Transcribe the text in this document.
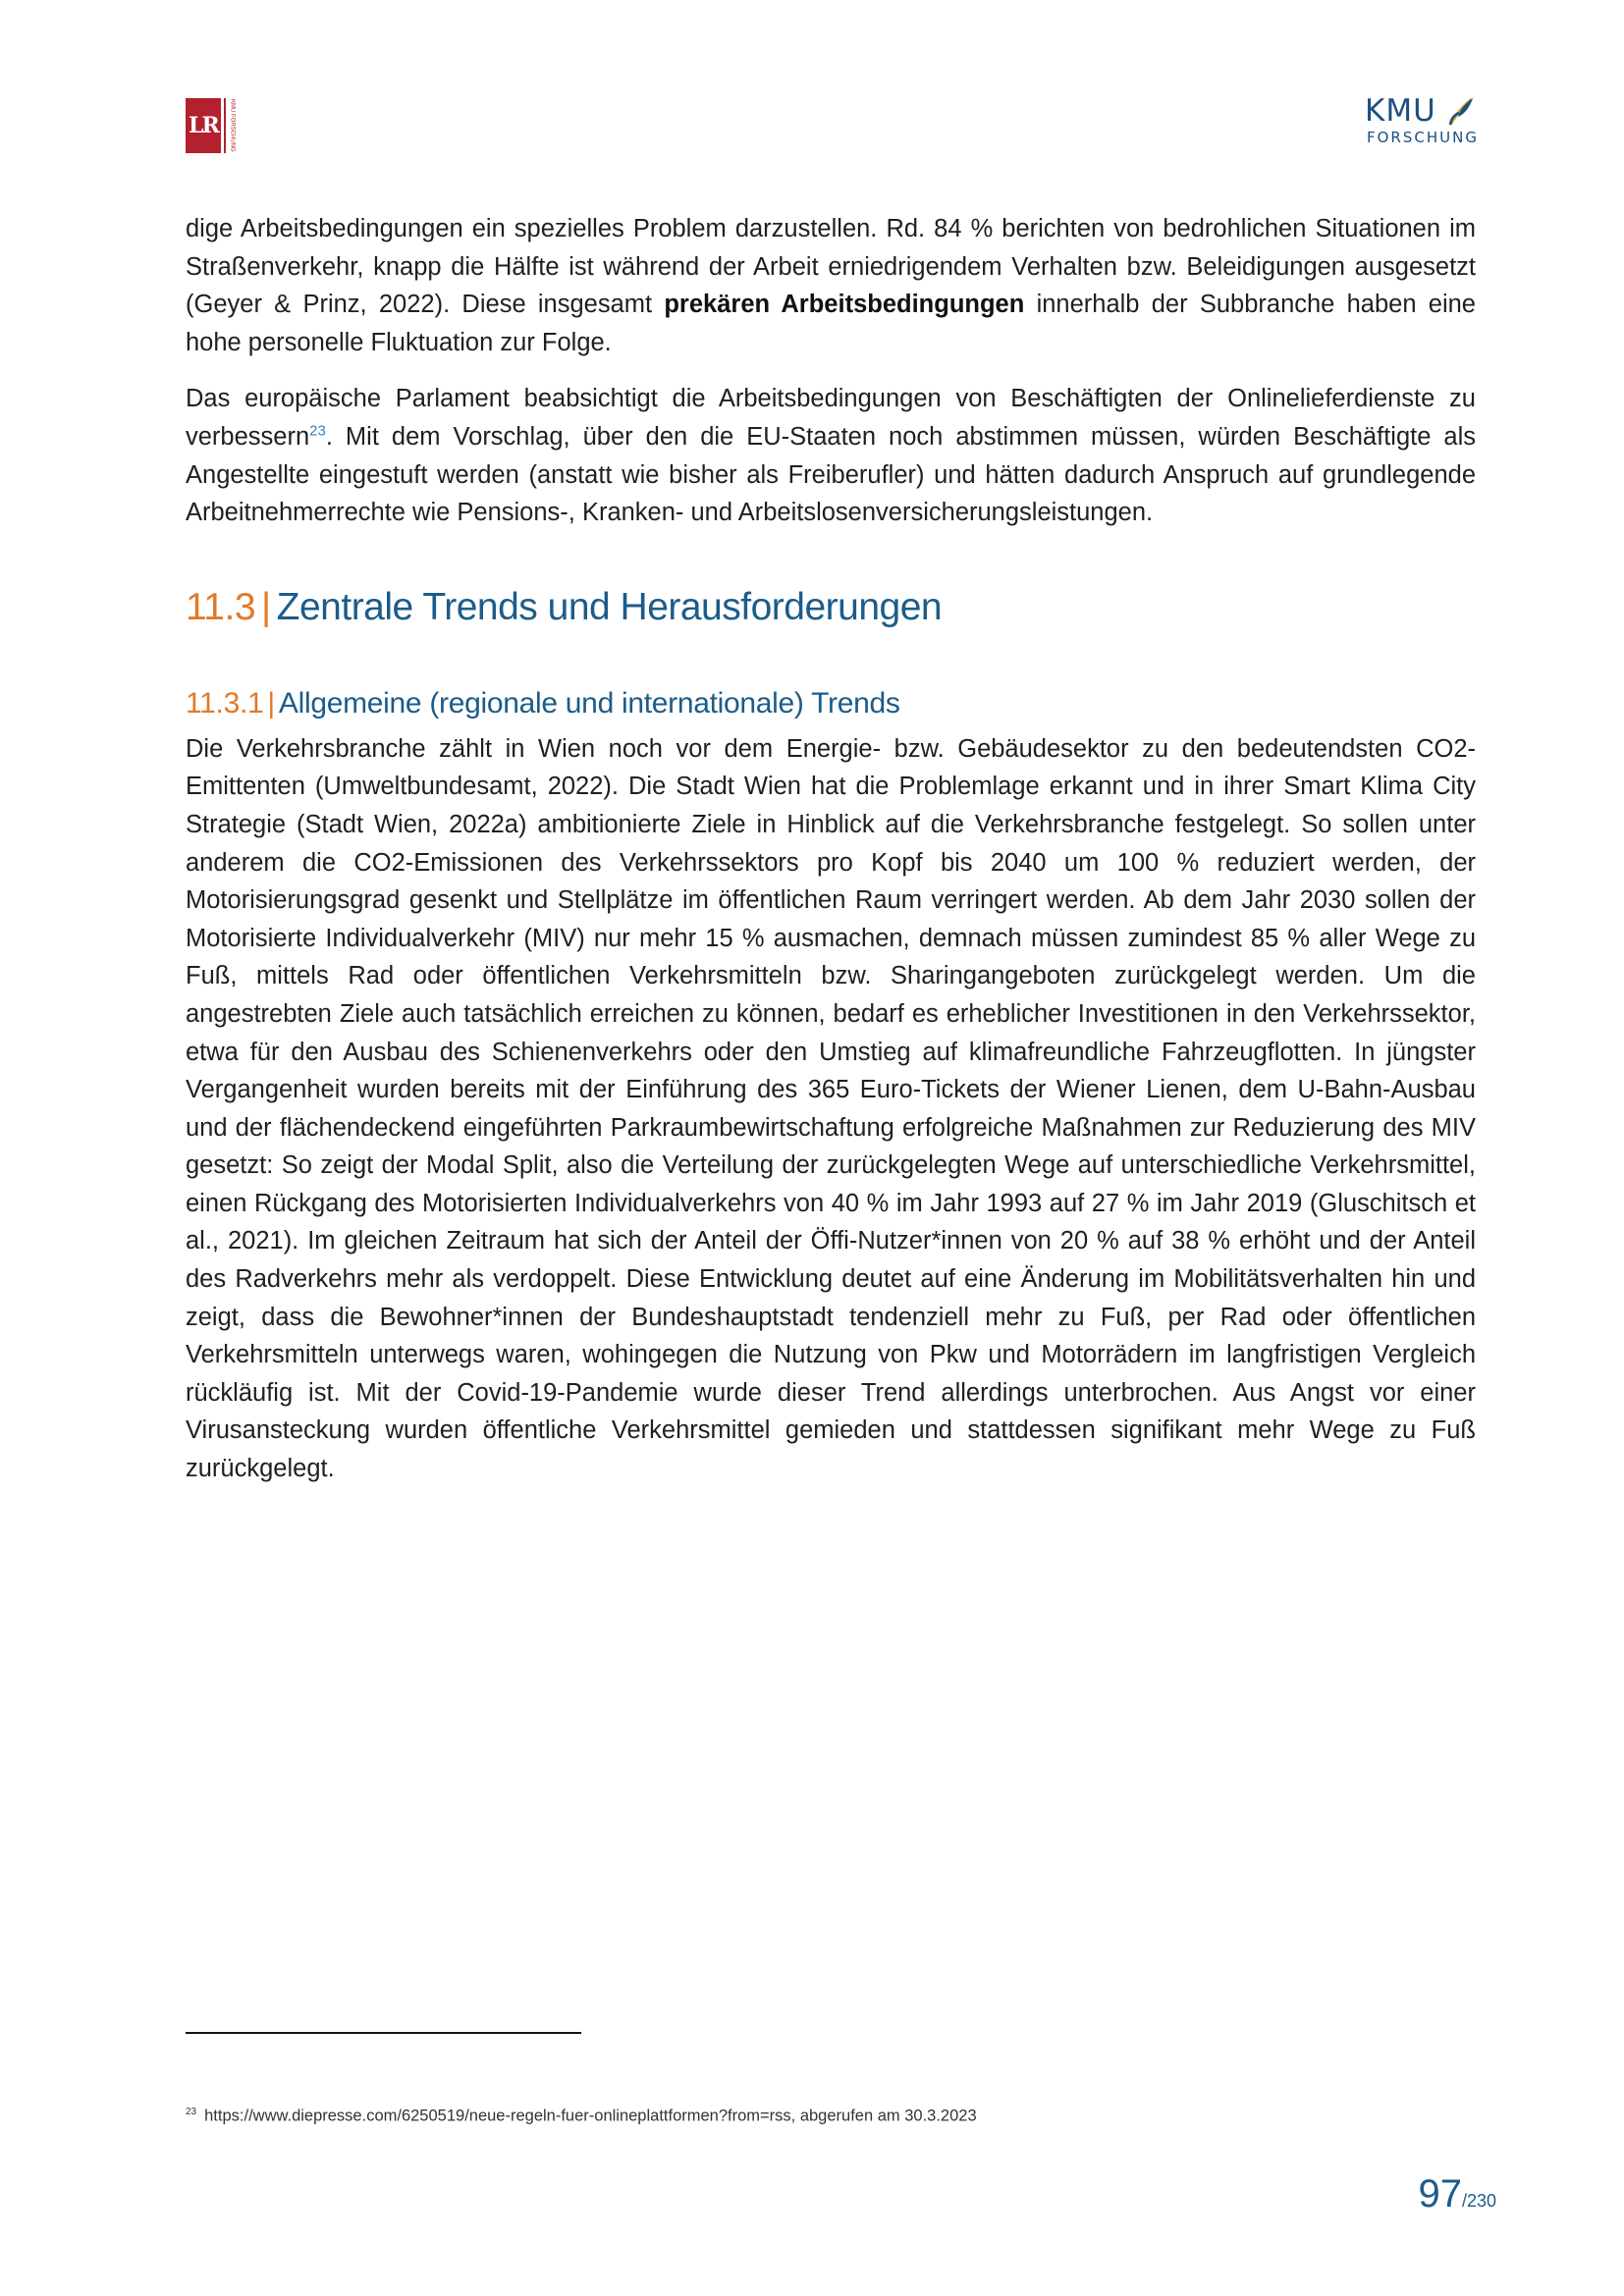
LR	KMU FORSCHUNG	KMU
FORSCHUNG

dige Arbeitsbedingungen ein spezielles Problem darzustellen. Rd. 84 % berichten von bedrohlichen Situationen im Straßenverkehr, knapp die Hälfte ist während der Arbeit erniedrigendem Verhalten bzw. Beleidigungen ausgesetzt (Geyer & Prinz, 2022). Diese insgesamt prekären Arbeitsbedingungen innerhalb der Subbranche haben eine hohe personelle Fluktuation zur Folge.

Das europäische Parlament beabsichtigt die Arbeitsbedingungen von Beschäftigten der Onlinelieferdienste zu verbessern$^{23}$. Mit dem Vorschlag, über den die EU-Staaten noch abstimmen müssen, würden Beschäftigte als Angestellte eingestuft werden (anstatt wie bisher als Freiberufler) und hätten dadurch Anspruch auf grundlegende Arbeitnehmerrechte wie Pensions-, Kranken- und Arbeitslosenversicherungsleistungen.

11.3 | Zentrale Trends und Herausforderungen
11.3.1 | Allgemeine (regionale und internationale) Trends

Die Verkehrsbranche zählt in Wien noch vor dem Energie- bzw. Gebäudesektor zu den bedeutendsten CO2-Emittenten (Umweltbundesamt, 2022). Die Stadt Wien hat die Problemlage erkannt und in ihrer Smart Klima City Strategie (Stadt Wien, 2022a) ambitionierte Ziele in Hinblick auf die Verkehrsbranche festgelegt. So sollen unter anderem die CO2-Emissionen des Verkehrssektors pro Kopf bis 2040 um 100 % reduziert werden, der Motorisierungsgrad gesenkt und Stellplätze im öffentlichen Raum verringert werden. Ab dem Jahr 2030 sollen der Motorisierte Individualverkehr (MIV) nur mehr 15 % ausmachen, demnach müssen zumindest 85 % aller Wege zu Fuß, mittels Rad oder öffentlichen Verkehrsmitteln bzw. Sharingangeboten zurückgelegt werden. Um die angestrebten Ziele auch tatsächlich erreichen zu können, bedarf es erheblicher Investitionen in den Verkehrssektor, etwa für den Ausbau des Schienenverkehrs oder den Umstieg auf klimafreundliche Fahrzeugflotten. In jüngster Vergangenheit wurden bereits mit der Einführung des 365 Euro-Tickets der Wiener Lienen, dem U-Bahn-Ausbau und der flächendeckend eingeführten Parkraumbewirtschaftung erfolgreiche Maßnahmen zur Reduzierung des MIV gesetzt: So zeigt der Modal Split, also die Verteilung der zurückgelegten Wege auf unterschiedliche Verkehrsmittel, einen Rückgang des Motorisierten Individualverkehrs von 40 % im Jahr 1993 auf 27 % im Jahr 2019 (Gluschitsch et al., 2021). Im gleichen Zeitraum hat sich der Anteil der Öffi-Nutzer*innen von 20 % auf 38 % erhöht und der Anteil des Radverkehrs mehr als verdoppelt. Diese Entwicklung deutet auf eine Änderung im Mobilitätsverhalten hin und zeigt, dass die Bewohner*innen der Bundeshauptstadt tendenziell mehr zu Fuß, per Rad oder öffentlichen Verkehrsmitteln unterwegs waren, wohingegen die Nutzung von Pkw und Motorrädern im langfristigen Vergleich rückläufig ist. Mit der Covid-19-Pandemie wurde dieser Trend allerdings unterbrochen. Aus Angst vor einer Virusansteckung wurden öffentliche Verkehrsmittel gemieden und stattdessen signifikant mehr Wege zu Fuß zurückgelegt.

$^{23}$ https://www.diepresse.com/6250519/neue-regeln-fuer-onlineplattformen?from=rss, abgerufen am 30.3.2023
97/230
